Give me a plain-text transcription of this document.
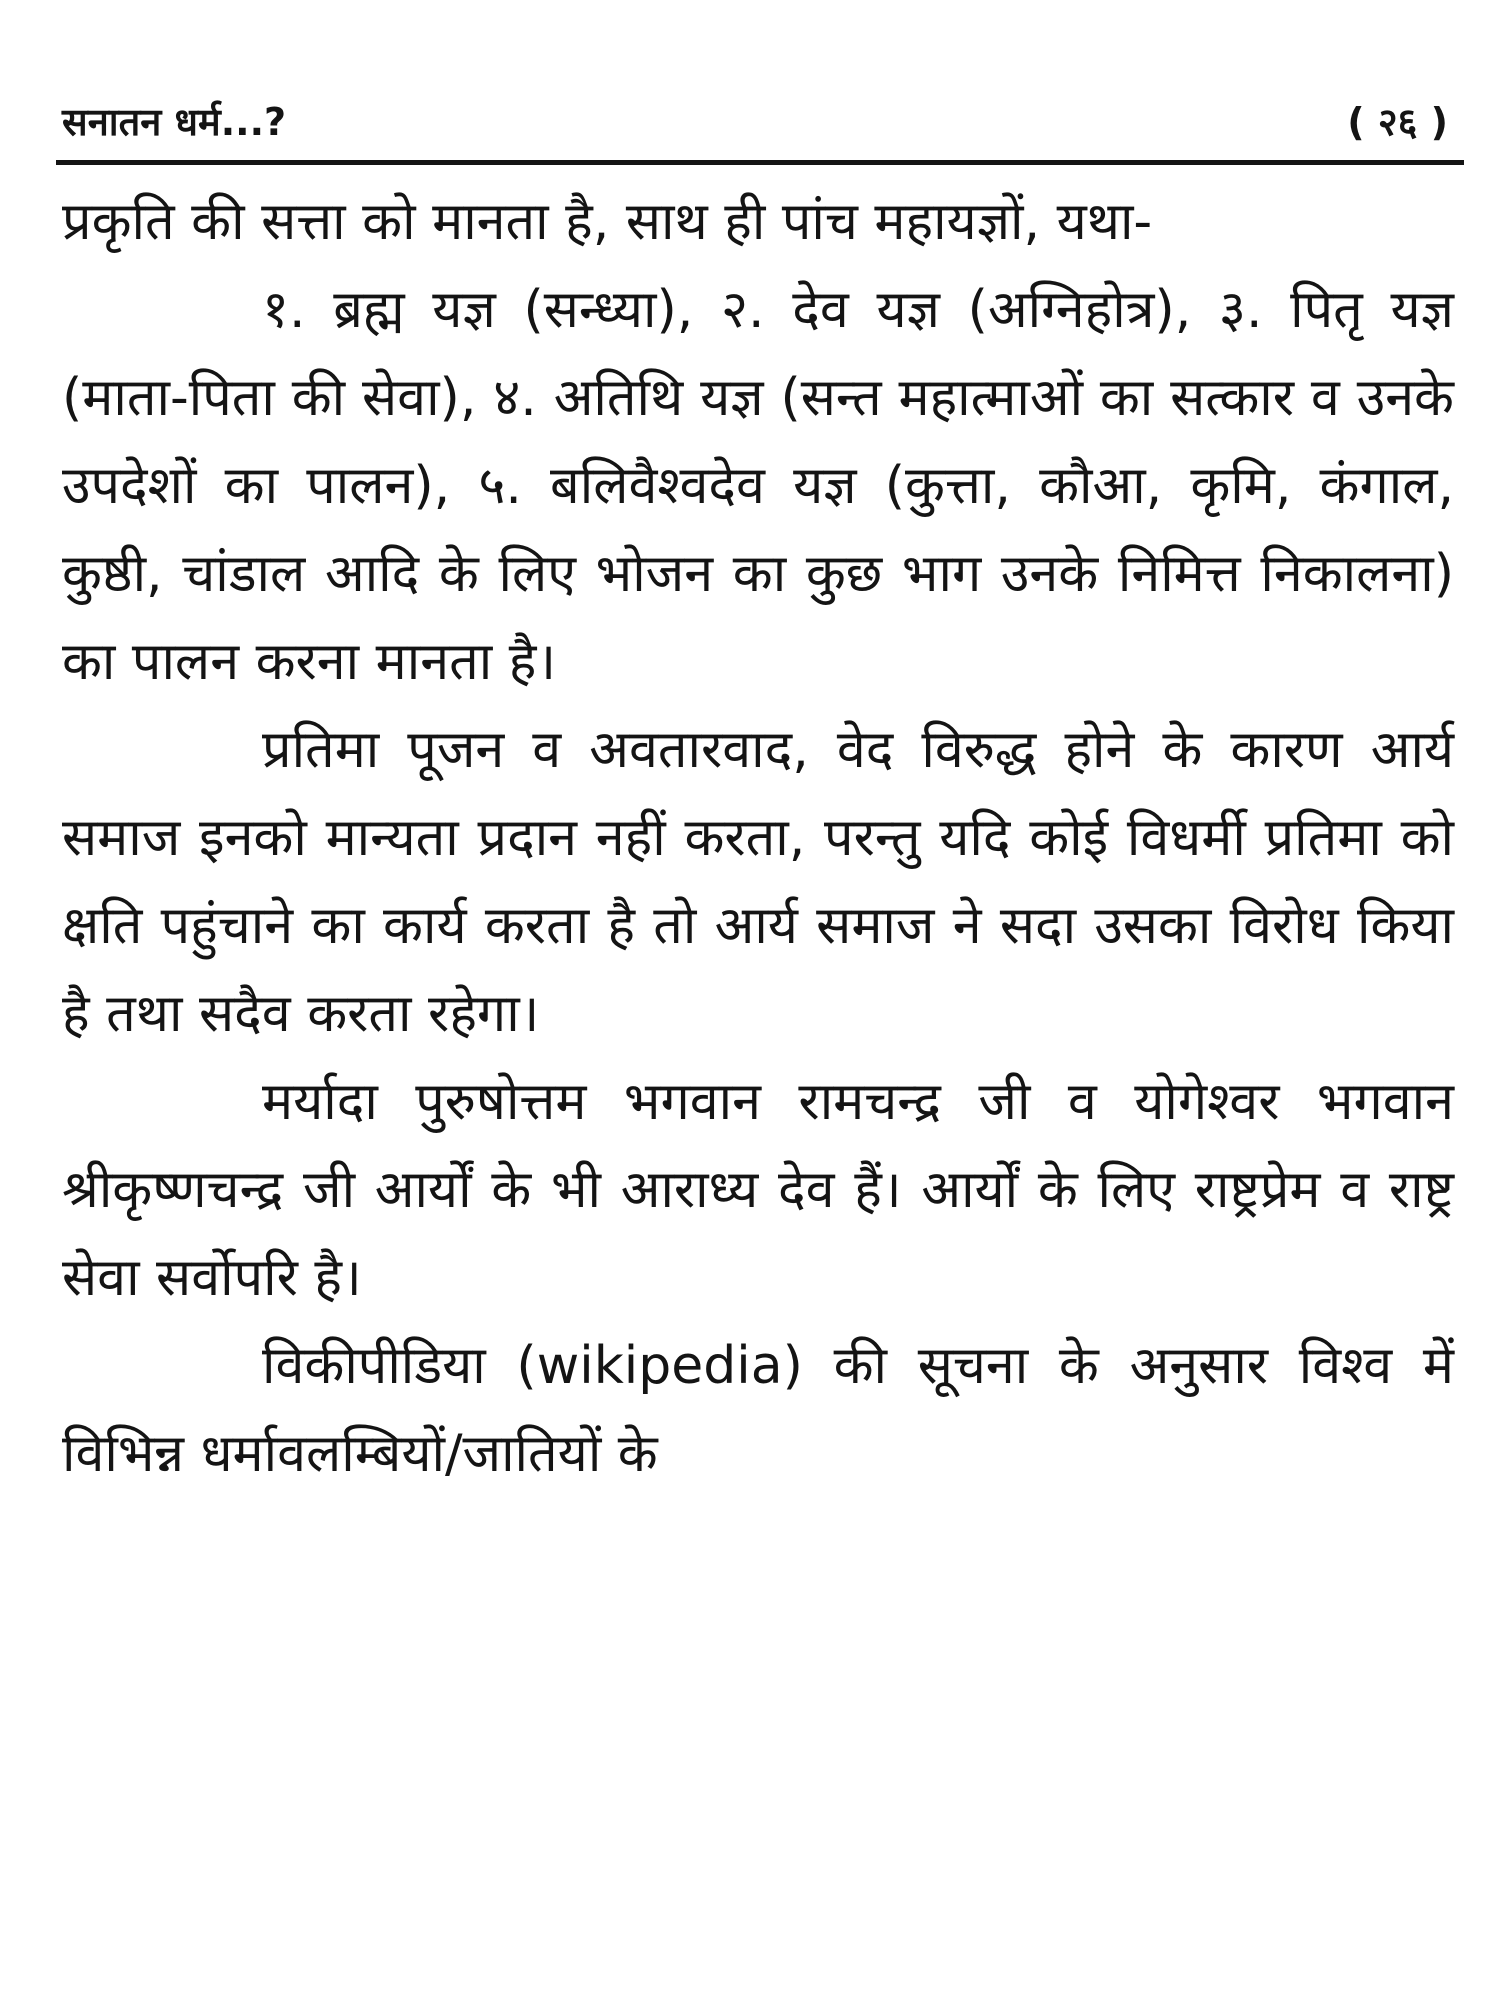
सनातन धर्म...?	( २६ )

प्रकृति की सत्ता को मानता है, साथ ही पांच महायज्ञों, यथा-

१. ब्रह्म यज्ञ (सन्ध्या), २. देव यज्ञ (अग्निहोत्र), ३. पितृ यज्ञ (माता-पिता की सेवा), ४. अतिथि यज्ञ (सन्त महात्माओं का सत्कार व उनके उपदेशों का पालन), ५. बलिवैश्वदेव यज्ञ (कुत्ता, कौआ, कृमि, कंगाल, कुष्ठी, चांडाल आदि के लिए भोजन का कुछ भाग उनके निमित्त निकालना) का पालन करना मानता है।

प्रतिमा पूजन व अवतारवाद, वेद विरुद्ध होने के कारण आर्य समाज इनको मान्यता प्रदान नहीं करता, परन्तु यदि कोई विधर्मी प्रतिमा को क्षति पहुंचाने का कार्य करता है तो आर्य समाज ने सदा उसका विरोध किया है तथा सदैव करता रहेगा।

मर्यादा पुरुषोत्तम भगवान रामचन्द्र जी व योगेश्वर भगवान श्रीकृष्णचन्द्र जी आर्यों के भी आराध्य देव हैं। आर्यों के लिए राष्ट्रप्रेम व राष्ट्र सेवा सर्वोपरि है।

विकीपीडिया (wikipedia) की सूचना के अनुसार विश्व में विभिन्न धर्मावलम्बियों/जातियों के
